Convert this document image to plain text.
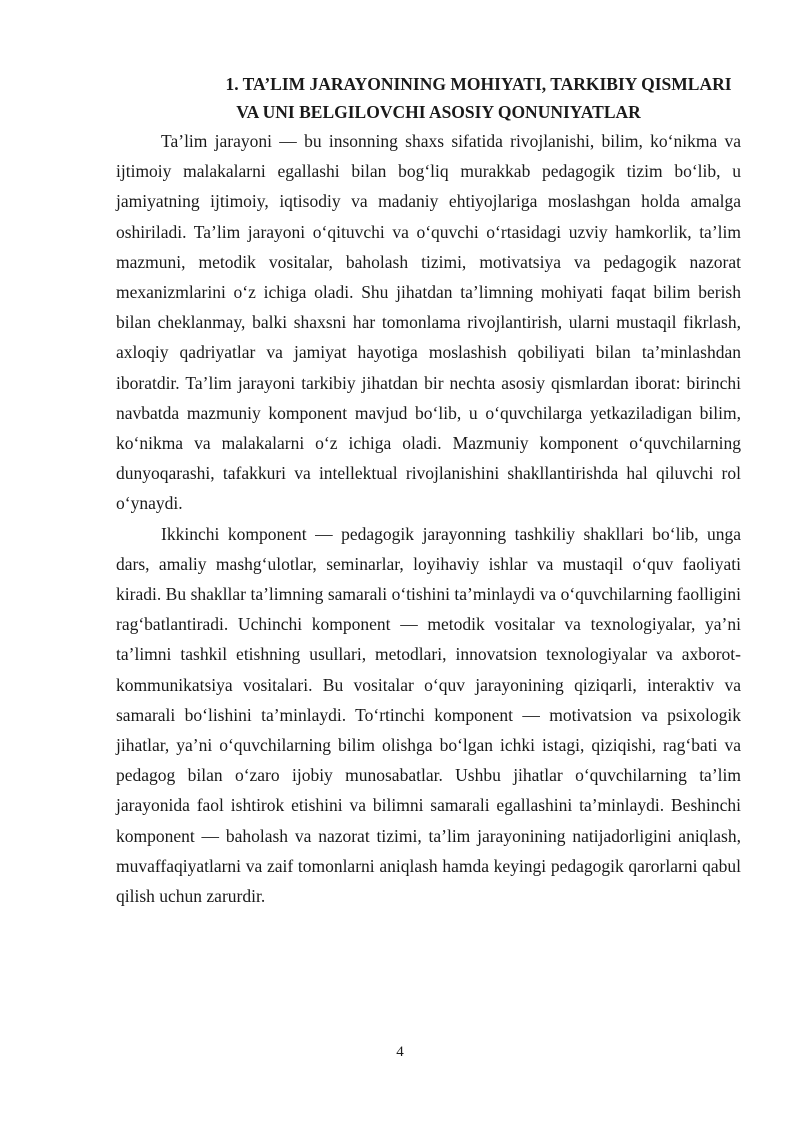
1. TA’LIM JARAYONINING MOHIYATI, TARKIBIY QISMLARI
VA UNI BELGILOVCHI ASOSIY QONUNIYATLAR

Ta’lim jarayoni — bu insonning shaxs sifatida rivojlanishi, bilim, ko‘nikma va ijtimoiy malakalarni egallashi bilan bog‘liq murakkab pedagogik tizim bo‘lib, u jamiyatning ijtimoiy, iqtisodiy va madaniy ehtiyojlariga moslashgan holda amalga oshiriladi. Ta’lim jarayoni o‘qituvchi va o‘quvchi o‘rtasidagi uzviy hamkorlik, ta’lim mazmuni, metodik vositalar, baholash tizimi, motivatsiya va pedagogik nazorat mexanizmlarini o‘z ichiga oladi. Shu jihatdan ta’limning mohiyati faqat bilim berish bilan cheklanmay, balki shaxsni har tomonlama rivojlantirish, ularni mustaqil fikrlash, axloqiy qadriyatlar va jamiyat hayotiga moslashish qobiliyati bilan ta’minlashdan iboratdir. Ta’lim jarayoni tarkibiy jihatdan bir nechta asosiy qismlardan iborat: birinchi navbatda mazmuniy komponent mavjud bo‘lib, u o‘quvchilarga yetkaziladigan bilim, ko‘nikma va malakalarni o‘z ichiga oladi. Mazmuniy komponent o‘quvchilarning dunyoqarashi, tafakkuri va intellektual rivojlanishini shakllantirishda hal qiluvchi rol o‘ynaydi.

Ikkinchi komponent — pedagogik jarayonning tashkiliy shakllari bo‘lib, unga dars, amaliy mashg‘ulotlar, seminarlar, loyihaviy ishlar va mustaqil o‘quv faoliyati kiradi. Bu shakllar ta’limning samarali o‘tishini ta’minlaydi va o‘quvchilarning faolligini rag‘batlantiradi. Uchinchi komponent — metodik vositalar va texnologiyalar, ya’ni ta’limni tashkil etishning usullari, metodlari, innovatsion texnologiyalar va axborot-kommunikatsiya vositalari. Bu vositalar o‘quv jarayonining qiziqarli, interaktiv va samarali bo‘lishini ta’minlaydi. To‘rtinchi komponent — motivatsion va psixologik jihatlar, ya’ni o‘quvchilarning bilim olishga bo‘lgan ichki istagi, qiziqishi, rag‘bati va pedagog bilan o‘zaro ijobiy munosabatlar. Ushbu jihatlar o‘quvchilarning ta’lim jarayonida faol ishtirok etishini va bilimni samarali egallashini ta’minlaydi. Beshinchi komponent — baholash va nazorat tizimi, ta’lim jarayonining natijadorligini aniqlash, muvaffaqiyatlarni va zaif tomonlarni aniqlash hamda keyingi pedagogik qarorlarni qabul qilish uchun zarurdir.

4
